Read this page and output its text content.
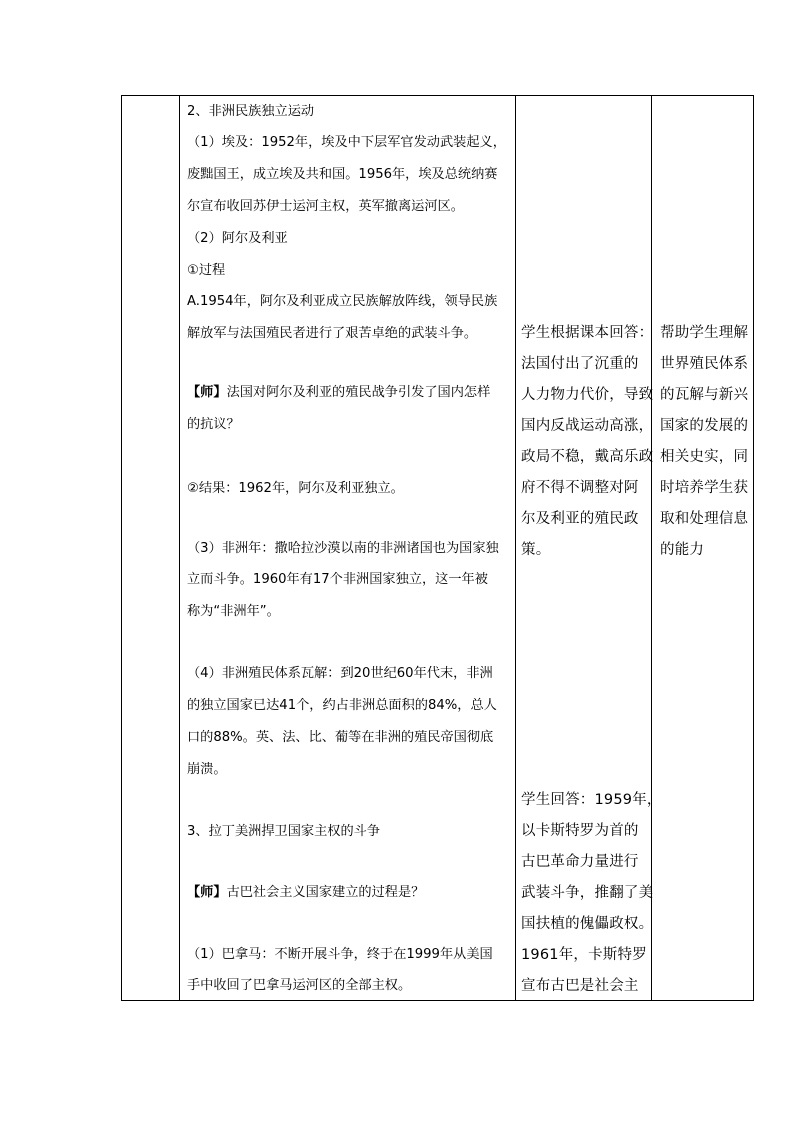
2、非洲民族独立运动
（1）埃及：1952年，埃及中下层军官发动武装起义，
废黜国王，成立埃及共和国。1956年，埃及总统纳赛
尔宣布收回苏伊士运河主权，英军撤离运河区。
（2）阿尔及利亚
①过程
A.1954年，阿尔及利亚成立民族解放阵线，领导民族
解放军与法国殖民者进行了艰苦卓绝的武装斗争。
【师】法国对阿尔及利亚的殖民战争引发了国内怎样
的抗议？
②结果：1962年，阿尔及利亚独立。
（3）非洲年：撒哈拉沙漠以南的非洲诸国也为国家独
立而斗争。1960年有17个非洲国家独立，这一年被
称为“非洲年”。
（4）非洲殖民体系瓦解：到20世纪60年代末，非洲
的独立国家已达41个，约占非洲总面积的84%，总人
口的88%。英、法、比、葡等在非洲的殖民帝国彻底
崩溃。
3、拉丁美洲捍卫国家主权的斗争
【师】古巴社会主义国家建立的过程是？
（1）巴拿马：不断开展斗争，终于在1999年从美国
手中收回了巴拿马运河区的全部主权。
学生根据课本回答：
法国付出了沉重的
人力物力代价，导致
国内反战运动高涨，
政局不稳，戴高乐政
府不得不调整对阿
尔及利亚的殖民政
策。
学生回答：1959年，
以卡斯特罗为首的
古巴革命力量进行
武装斗争，推翻了美
国扶植的傀儡政权。
1961年，卡斯特罗
宣布古巴是社会主
帮助学生理解
世界殖民体系
的瓦解与新兴
国家的发展的
相关史实，同
时培养学生获
取和处理信息
的能力
